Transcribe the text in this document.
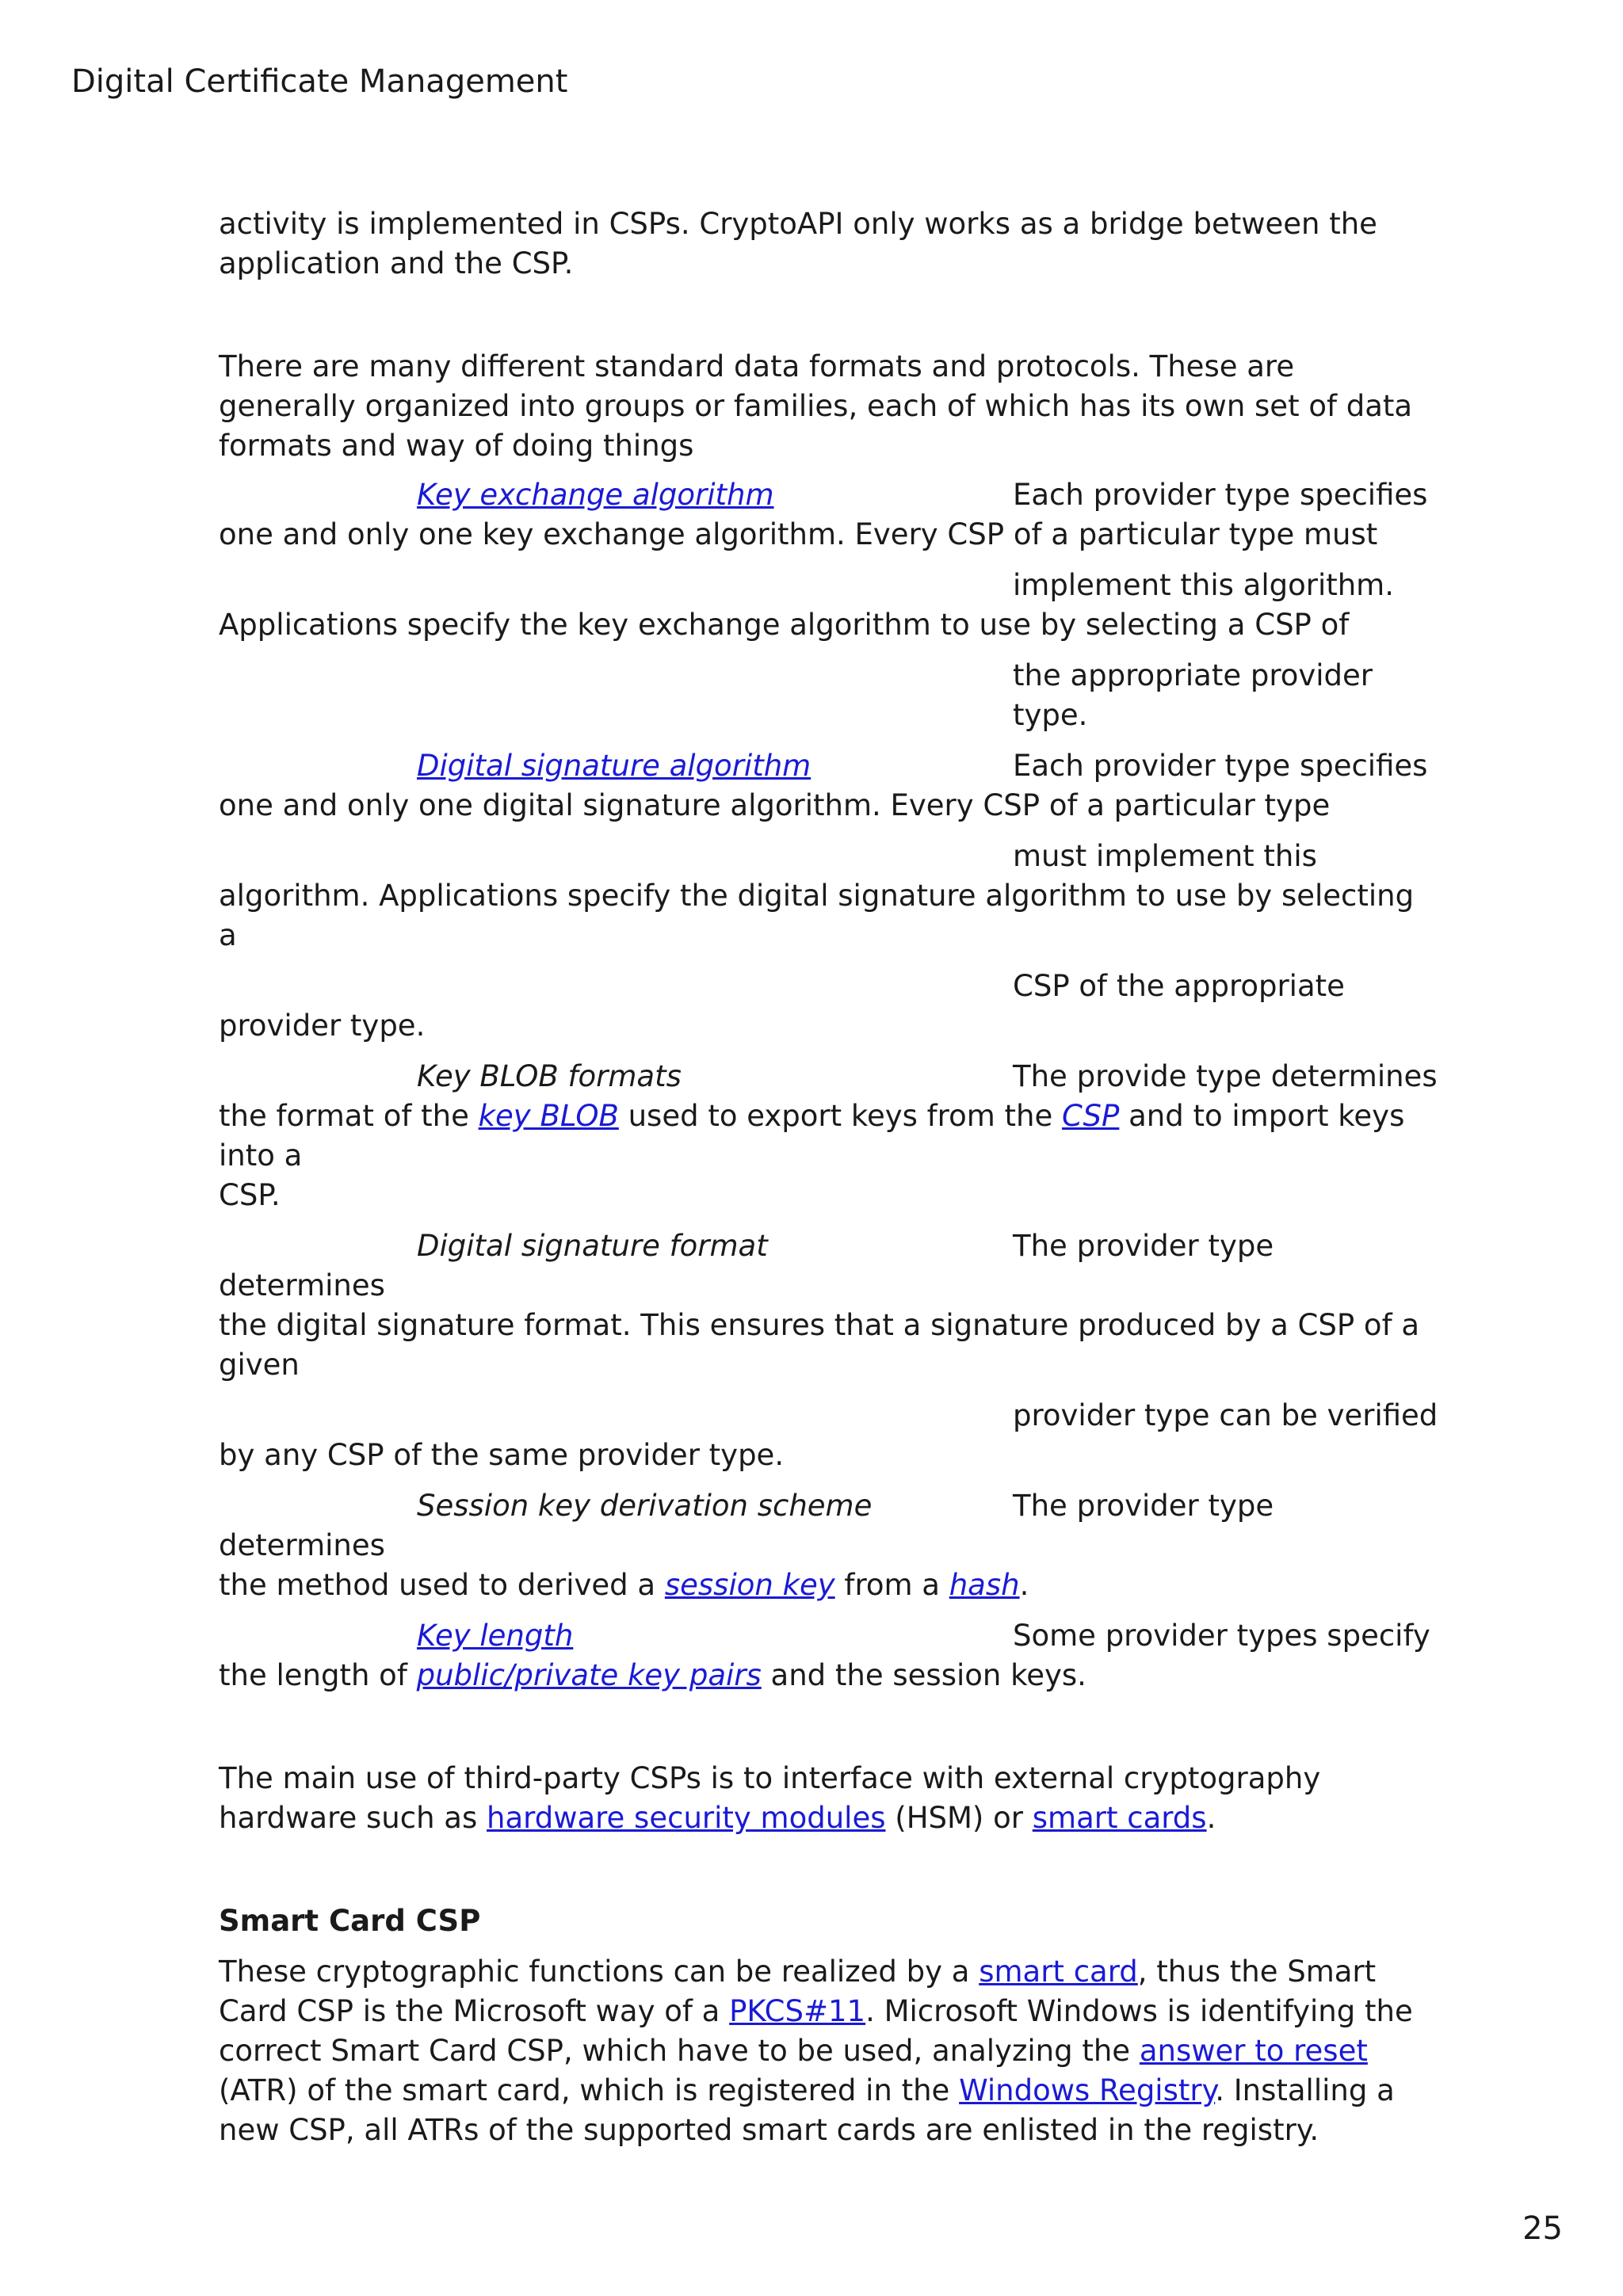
Digital Certificate Management

activity is implemented in CSPs. CryptoAPI only works as a bridge between the application and the CSP.

There are many different standard data formats and protocols. These are generally organized into groups or families, each of which has its own set of data formats and way of doing things

Key exchange algorithm	Each provider type specifies
one and only one key exchange algorithm. Every CSP of a particular type must
implement this algorithm.
Applications specify the key exchange algorithm to use by selecting a CSP of
the appropriate provider type.
Digital signature algorithm	Each provider type specifies
one and only one digital signature algorithm. Every CSP of a particular type
must implement this
algorithm. Applications specify the digital signature algorithm to use by selecting a
CSP of the appropriate
provider type.
Key BLOB formats	The provide type determines
the format of the key BLOB used to export keys from the CSP and to import keys into a
CSP.
Digital signature format	The provider type determines
the digital signature format. This ensures that a signature produced by a CSP of a given
provider type can be verified
by any CSP of the same provider type.
Session key derivation scheme	The provider type determines
the method used to derived a session key from a hash.
Key length	Some provider types specify
the length of public/private key pairs and the session keys.

The main use of third-party CSPs is to interface with external cryptography hardware such as hardware security modules (HSM) or smart cards.

Smart Card CSP

These cryptographic functions can be realized by a smart card, thus the Smart Card CSP is the Microsoft way of a PKCS#11. Microsoft Windows is identifying the correct Smart Card CSP, which have to be used, analyzing the answer to reset (ATR) of the smart card, which is registered in the Windows Registry. Installing a new CSP, all ATRs of the supported smart cards are enlisted in the registry.

25
